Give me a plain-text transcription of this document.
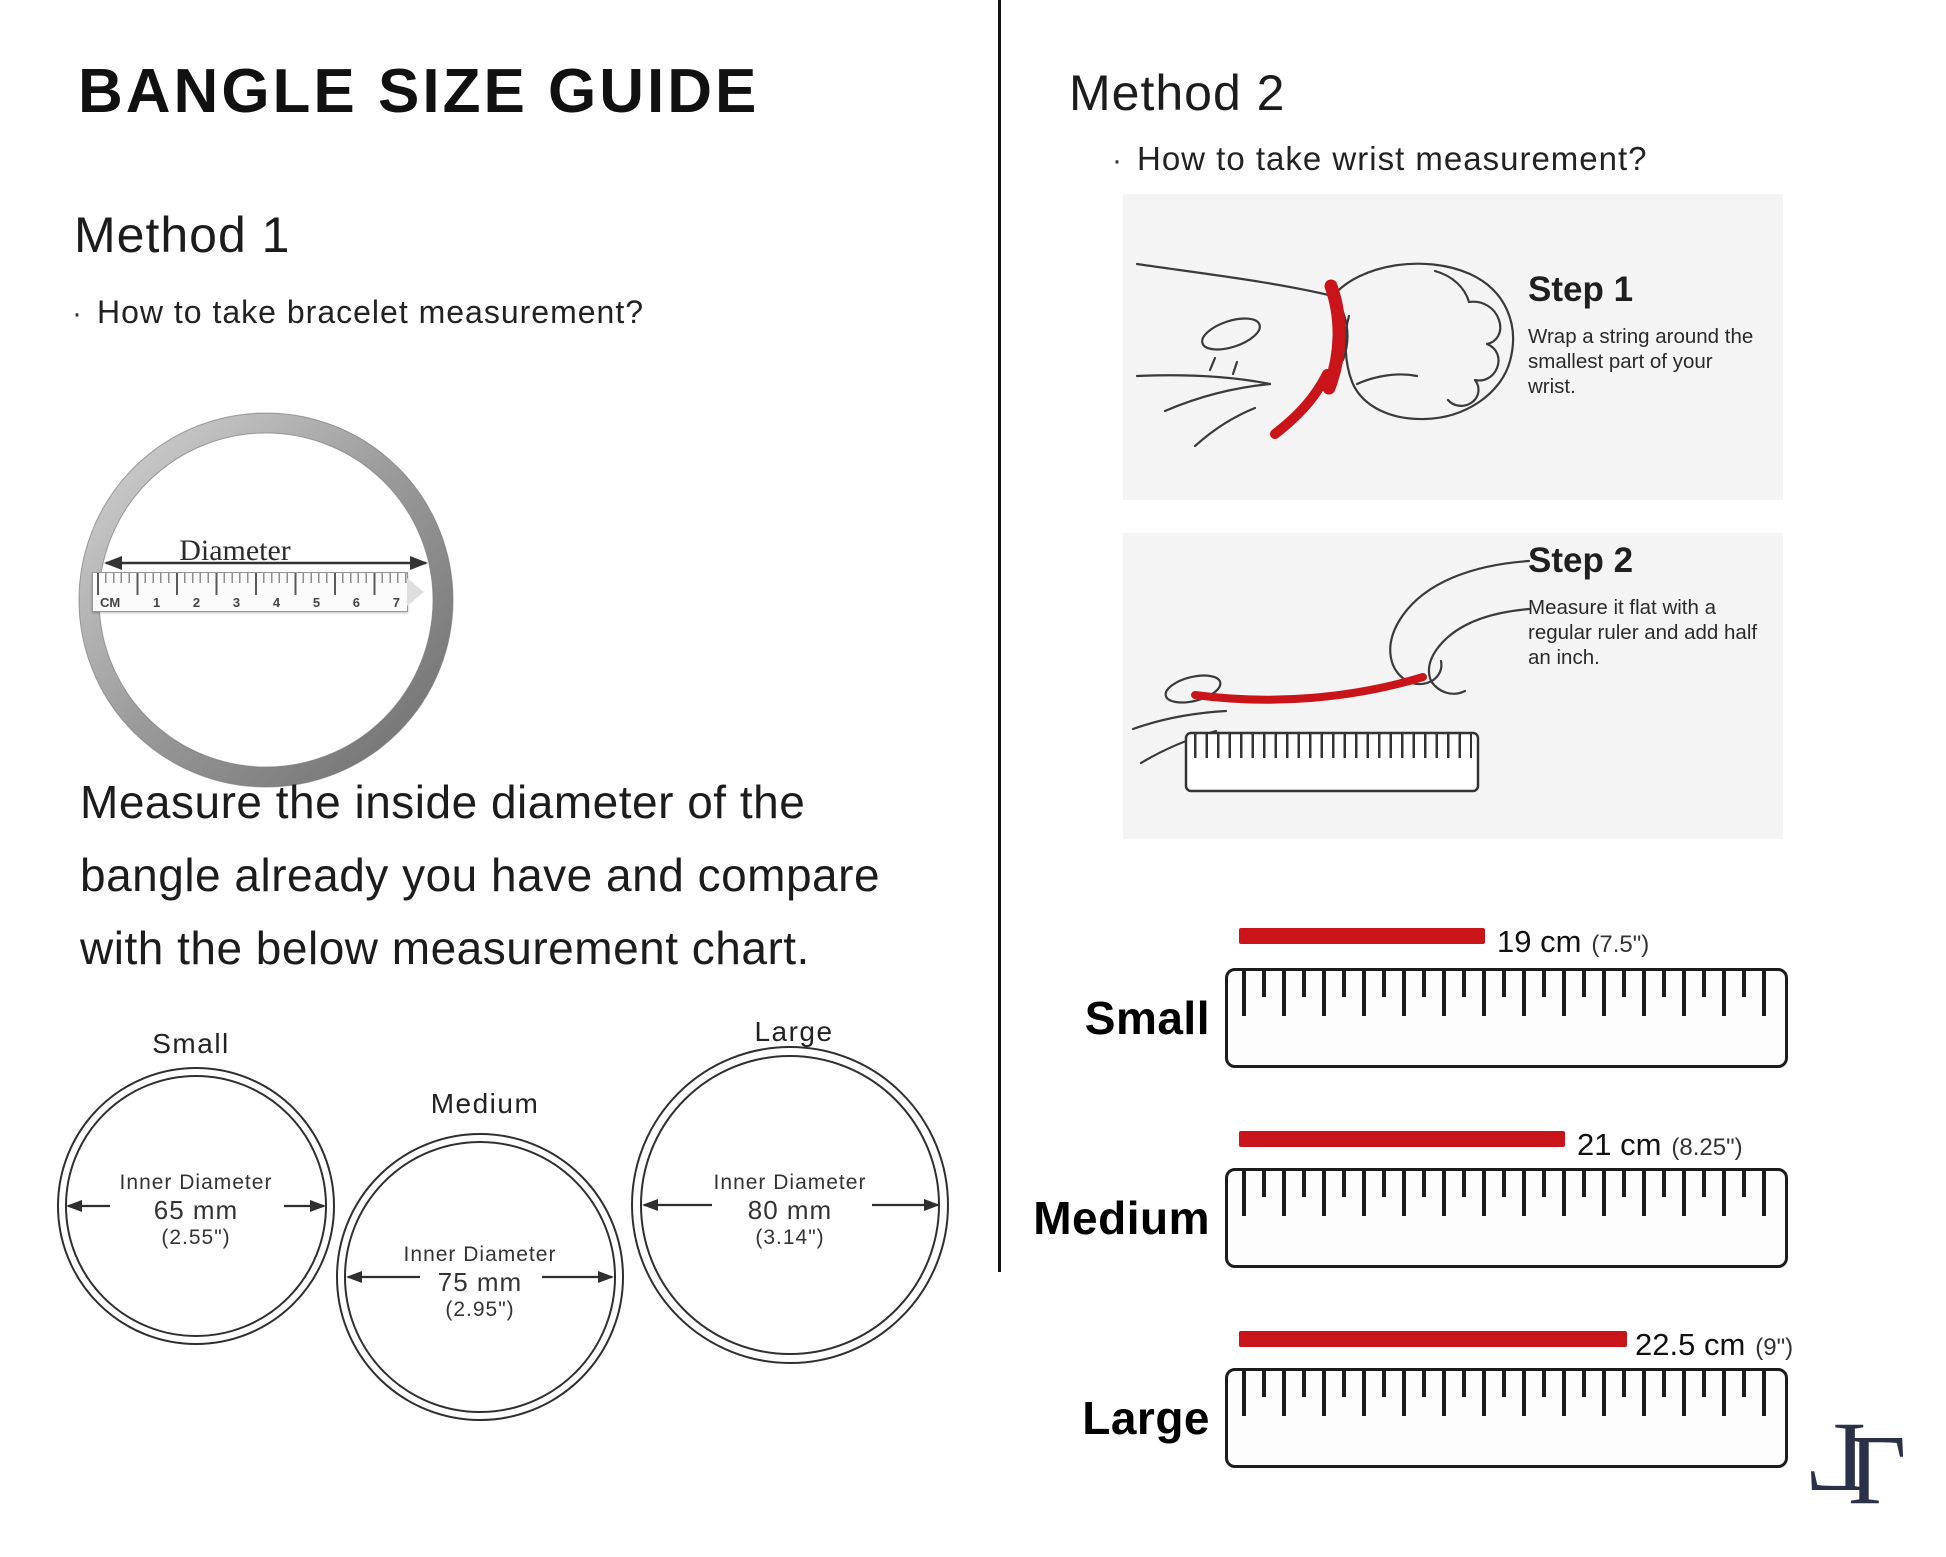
BANGLE SIZE GUIDE
Method 1
· How to take bracelet measurement?
Diameter
CM	1	2	3	4	5	6	7
Measure the inside diameter of the
bangle already you have and compare
with the below measurement chart.
Small
Medium
Large
Inner Diameter
65 mm
(2.55")
Inner Diameter
75 mm
(2.95")
Inner Diameter
80 mm
(3.14")
Method 2
· How to take wrist measurement?
Step 1
Wrap a string around the
smallest part of your
wrist.
Step 2
Measure it flat with a
regular ruler and add half
an inch.
Small
19 cm (7.5")
Medium
21 cm (8.25")
Large
22.5 cm (9")
L
L
